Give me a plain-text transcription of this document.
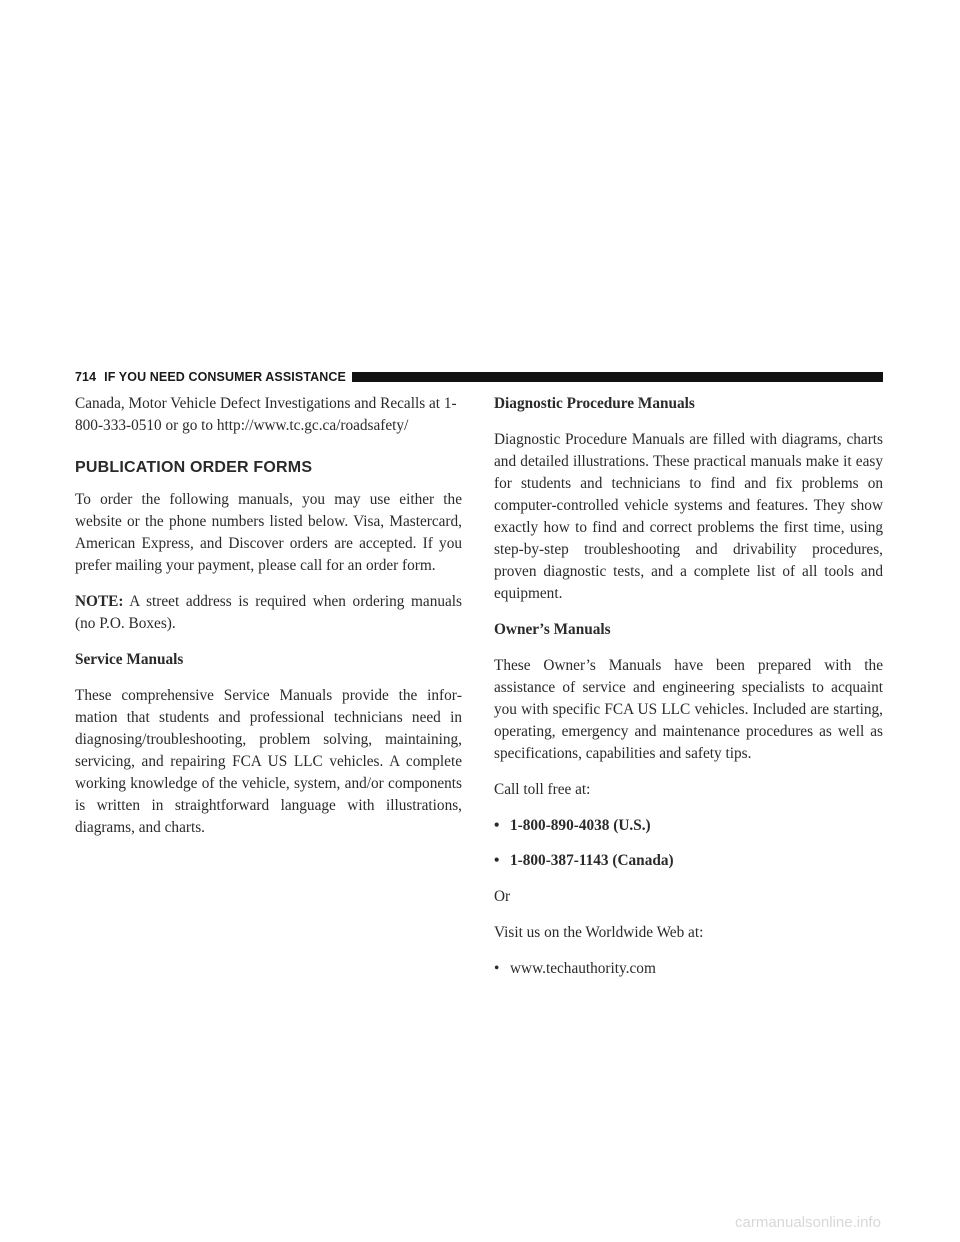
714 IF YOU NEED CONSUMER ASSISTANCE

Canada, Motor Vehicle Defect Investigations and Recalls at 1-800-333-0510 or go to http://www.tc.gc.ca/roadsafety/

PUBLICATION ORDER FORMS

To order the following manuals, you may use either the website or the phone numbers listed below. Visa, Mastercard, American Express, and Discover orders are accepted. If you prefer mailing your payment, please call for an order form.

NOTE: A street address is required when ordering manuals (no P.O. Boxes).

Service Manuals

These comprehensive Service Manuals provide the information that students and professional technicians need in diagnosing/troubleshooting, problem solving, maintaining, servicing, and repairing FCA US LLC vehicles. A complete working knowledge of the vehicle, system, and/or components is written in straightforward language with illustrations, diagrams, and charts.

Diagnostic Procedure Manuals

Diagnostic Procedure Manuals are filled with diagrams, charts and detailed illustrations. These practical manuals make it easy for students and technicians to find and fix problems on computer-controlled vehicle systems and features. They show exactly how to find and correct problems the first time, using step-by-step troubleshooting and drivability procedures, proven diagnostic tests, and a complete list of all tools and equipment.

Owner’s Manuals

These Owner’s Manuals have been prepared with the assistance of service and engineering specialists to acquaint you with specific FCA US LLC vehicles. Included are starting, operating, emergency and maintenance procedures as well as specifications, capabilities and safety tips.

Call toll free at:

• 1-800-890-4038 (U.S.)
• 1-800-387-1143 (Canada)

Or

Visit us on the Worldwide Web at:

• www.techauthority.com
carmanualsonline.info
